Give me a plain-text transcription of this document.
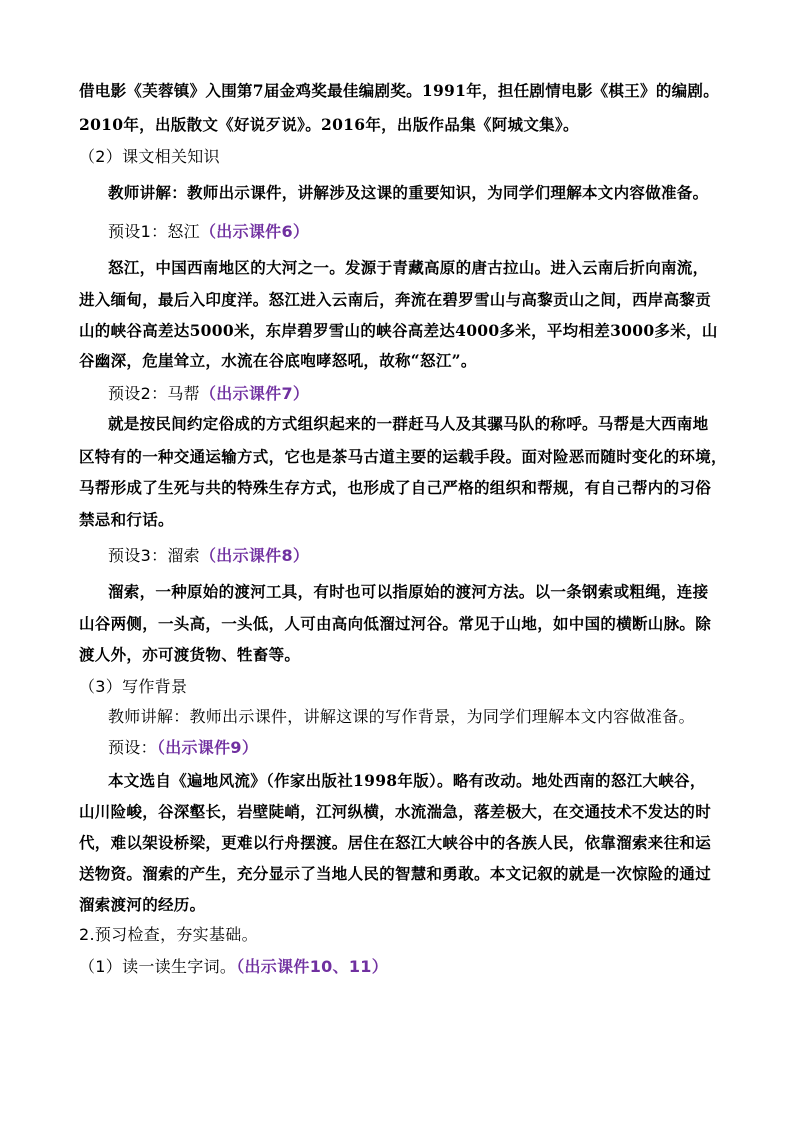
借电影《芙蓉镇》入围第7届金鸡奖最佳编剧奖。1991年，担任剧情电影《棋王》的编剧。
2010年，出版散文《好说歹说》。2016年，出版作品集《阿城文集》。
（2）课文相关知识
教师讲解：教师出示课件，讲解涉及这课的重要知识，为同学们理解本文内容做准备。
预设1：怒江（出示课件6）
怒江，中国西南地区的大河之一。发源于青藏高原的唐古拉山。进入云南后折向南流，
进入缅甸，最后入印度洋。怒江进入云南后，奔流在碧罗雪山与高黎贡山之间，西岸高黎贡
山的峡谷高差达5000米，东岸碧罗雪山的峡谷高差达4000多米，平均相差3000多米，山
谷幽深，危崖耸立，水流在谷底咆哮怒吼，故称“怒江”。
预设2：马帮（出示课件7）
就是按民间约定俗成的方式组织起来的一群赶马人及其骡马队的称呼。马帮是大西南地
区特有的一种交通运输方式，它也是茶马古道主要的运载手段。面对险恶而随时变化的环境，
马帮形成了生死与共的特殊生存方式，也形成了自己严格的组织和帮规，有自己帮内的习俗
禁忌和行话。
预设3：溜索（出示课件8）
溜索，一种原始的渡河工具，有时也可以指原始的渡河方法。以一条钢索或粗绳，连接
山谷两侧，一头高，一头低，人可由高向低溜过河谷。常见于山地，如中国的横断山脉。除
渡人外，亦可渡货物、牲畜等。
（3）写作背景
教师讲解：教师出示课件，讲解这课的写作背景，为同学们理解本文内容做准备。
预设：（出示课件9）
本文选自《遍地风流》（作家出版社1998年版）。略有改动。地处西南的怒江大峡谷，
山川险峻，谷深壑长，岩壁陡峭，江河纵横，水流湍急，落差极大，在交通技术不发达的时
代，难以架设桥梁，更难以行舟摆渡。居住在怒江大峡谷中的各族人民，依靠溜索来往和运
送物资。溜索的产生，充分显示了当地人民的智慧和勇敢。本文记叙的就是一次惊险的通过
溜索渡河的经历。
2.预习检查，夯实基础。
（1）读一读生字词。（出示课件10、11）
